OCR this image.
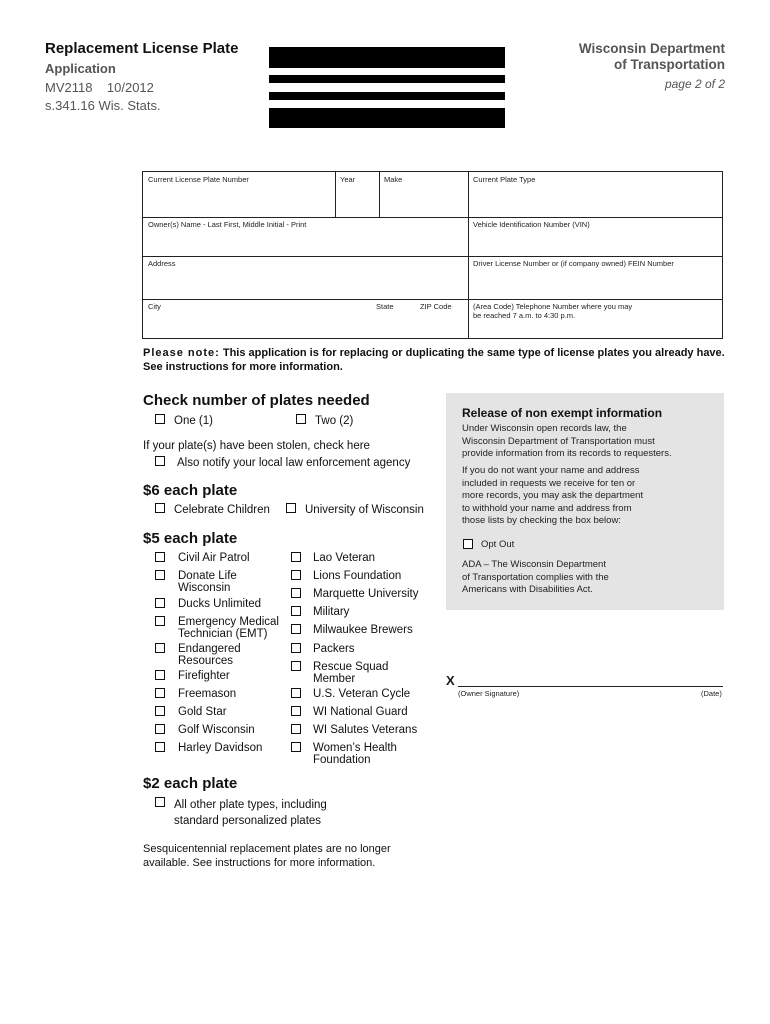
Replacement License Plate
Application
MV2118    10/2012
s.341.16 Wis. Stats.
Wisconsin Department
of Transportation
page 2 of 2
Current License Plate Number	Year	Make	Current Plate Type
Owner(s) Name - Last First, Middle Initial - Print	Vehicle Identification Number (VIN)
Address	Driver License Number or (if company owned) FEIN Number
City	State	ZIP Code	(Area Code) Telephone Number where you may
be reached 7 a.m. to 4:30 p.m.
Please note: This application is for replacing or duplicating the same type of license plates you already have. See instructions for more information.
Check number of plates needed
One (1)	Two (2)
If your plate(s) have been stolen, check here
Also notify your local law enforcement agency
$6 each plate
Celebrate Children	University of Wisconsin
$5 each plate
Civil Air Patrol
Donate Life
Wisconsin
Ducks Unlimited
Emergency Medical
Technician (EMT)
Endangered
Resources
Firefighter
Freemason
Gold Star
Golf Wisconsin
Harley Davidson
Lao Veteran
Lions Foundation
Marquette University
Military
Milwaukee Brewers
Packers
Rescue Squad
Member
U.S. Veteran Cycle
WI National Guard
WI Salutes Veterans
Women’s Health
Foundation
$2 each plate
All other plate types, including
standard personalized plates
Sesquicentennial replacement plates are no longer
available. See instructions for more information.
Release of non exempt information
Under Wisconsin open records law, the
Wisconsin Department of Transportation must
provide information from its records to requesters.
If you do not want your name and address
included in requests we receive for ten or
more records, you may ask the department
to withhold your name and address from
those lists by checking the box below:
Opt Out
ADA – The Wisconsin Department
of Transportation complies with the
Americans with Disabilities Act.
X
(Owner Signature)	(Date)
